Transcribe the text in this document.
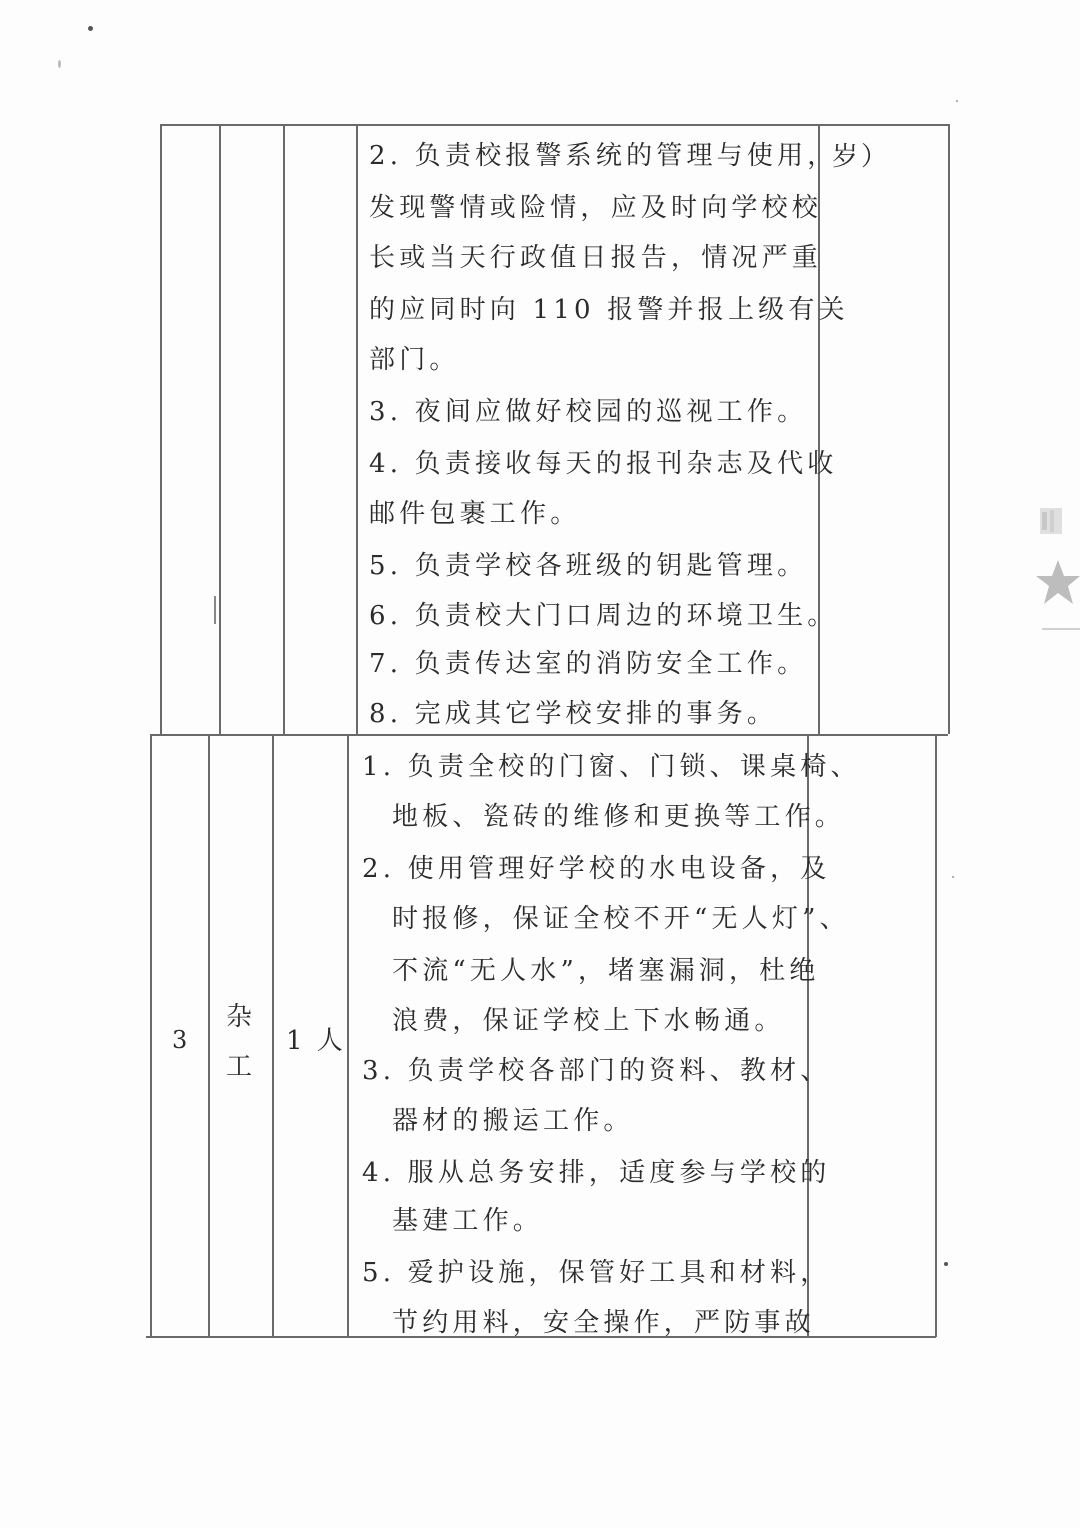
岁）
2. 负责校报警系统的管理与使用，
发现警情或险情，应及时向学校校
长或当天行政值日报告，情况严重
的应同时向 110 报警并报上级有关
部门。
3. 夜间应做好校园的巡视工作。
4. 负责接收每天的报刊杂志及代收
邮件包裹工作。
5. 负责学校各班级的钥匙管理。
6. 负责校大门口周边的环境卫生。
7. 负责传达室的消防安全工作。
8. 完成其它学校安排的事务。
3
杂
工
1 人
1. 负责全校的门窗、门锁、课桌椅、
地板、瓷砖的维修和更换等工作。
2. 使用管理好学校的水电设备，及
时报修，保证全校不开“无人灯”、
不流“无人水”，堵塞漏洞，杜绝
浪费，保证学校上下水畅通。
3. 负责学校各部门的资料、教材、
器材的搬运工作。
4. 服从总务安排，适度参与学校的
基建工作。
5. 爱护设施，保管好工具和材料，
节约用料，安全操作，严防事故
